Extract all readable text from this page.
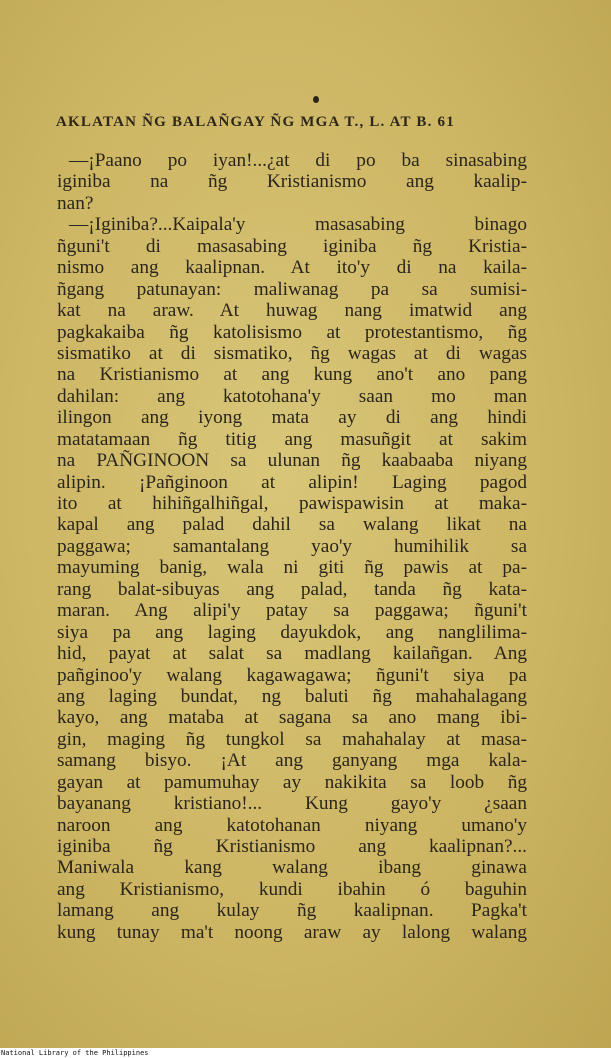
AKLATAN ÑG BALAÑGAY ÑG MGA T., L. AT B. 61
—¡Paano po iyan!...¿at di po ba sinasabing
iginiba na ñg Kristianismo ang kaalip-
nan?
—¡Iginiba?...Kaipala'y masasabing binago
ñguni't di masasabing iginiba ñg Kristia-
nismo ang kaalipnan. At ito'y di na kaila-
ñgang patunayan: maliwanag pa sa sumisi-
kat na araw. At huwag nang imatwid ang
pagkakaiba ñg katolisismo at protestantismo, ñg
sismatiko at di sismatiko, ñg wagas at di wagas
na Kristianismo at ang kung ano't ano pang
dahilan: ang katotohana'y saan mo man
ilingon ang iyong mata ay di ang hindi
matatamaan ñg titig ang masuñgit at sakim
na PAÑGINOON sa ulunan ñg kaabaaba niyang
alipin. ¡Pañginoon at alipin! Laging pagod
ito at hihiñgalhiñgal, pawispawisin at maka-
kapal ang palad dahil sa walang likat na
paggawa; samantalang yao'y humihilik sa
mayuming banig, wala ni giti ñg pawis at pa-
rang balat-sibuyas ang palad, tanda ñg kata-
maran. Ang alipi'y patay sa paggawa; ñguni't
siya pa ang laging dayukdok, ang nanglilima-
hid, payat at salat sa madlang kailañgan. Ang
pañginoo'y walang kagawagawa; ñguni't siya pa
ang laging bundat, ng baluti ñg mahahalagang
kayo, ang mataba at sagana sa ano mang ibi-
gin, maging ñg tungkol sa mahahalay at masa-
samang bisyo. ¡At ang ganyang mga kala-
gayan at pamumuhay ay nakikita sa loob ñg
bayanang kristiano!... Kung gayo'y ¿saan
naroon ang katotohanan niyang umano'y
iginiba ñg Kristianismo ang kaalipnan?...
Maniwala kang walang ibang ginawa
ang Kristianismo, kundi ibahin ó baguhin
lamang ang kulay ñg kaalipnan. Pagka't
kung tunay ma't noong araw ay lalong walang
National Library of the Philippines
